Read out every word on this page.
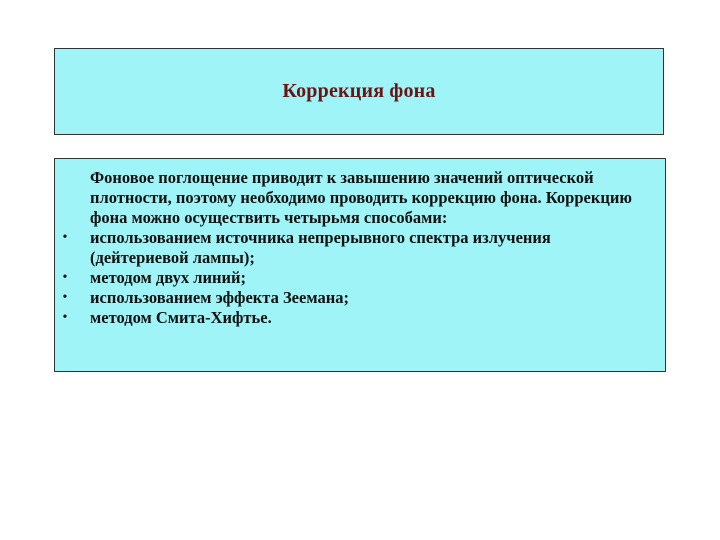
Коррекция фона
Фоновое поглощение приводит к завышению значений оптической плотности, поэтому необходимо проводить коррекцию фона. Коррекцию фона можно осуществить четырьмя способами:
• использованием источника непрерывного спектра излучения (дейтериевой лампы);
• методом двух линий;
• использованием эффекта Зеемана;
• методом Смита-Хифтье.
